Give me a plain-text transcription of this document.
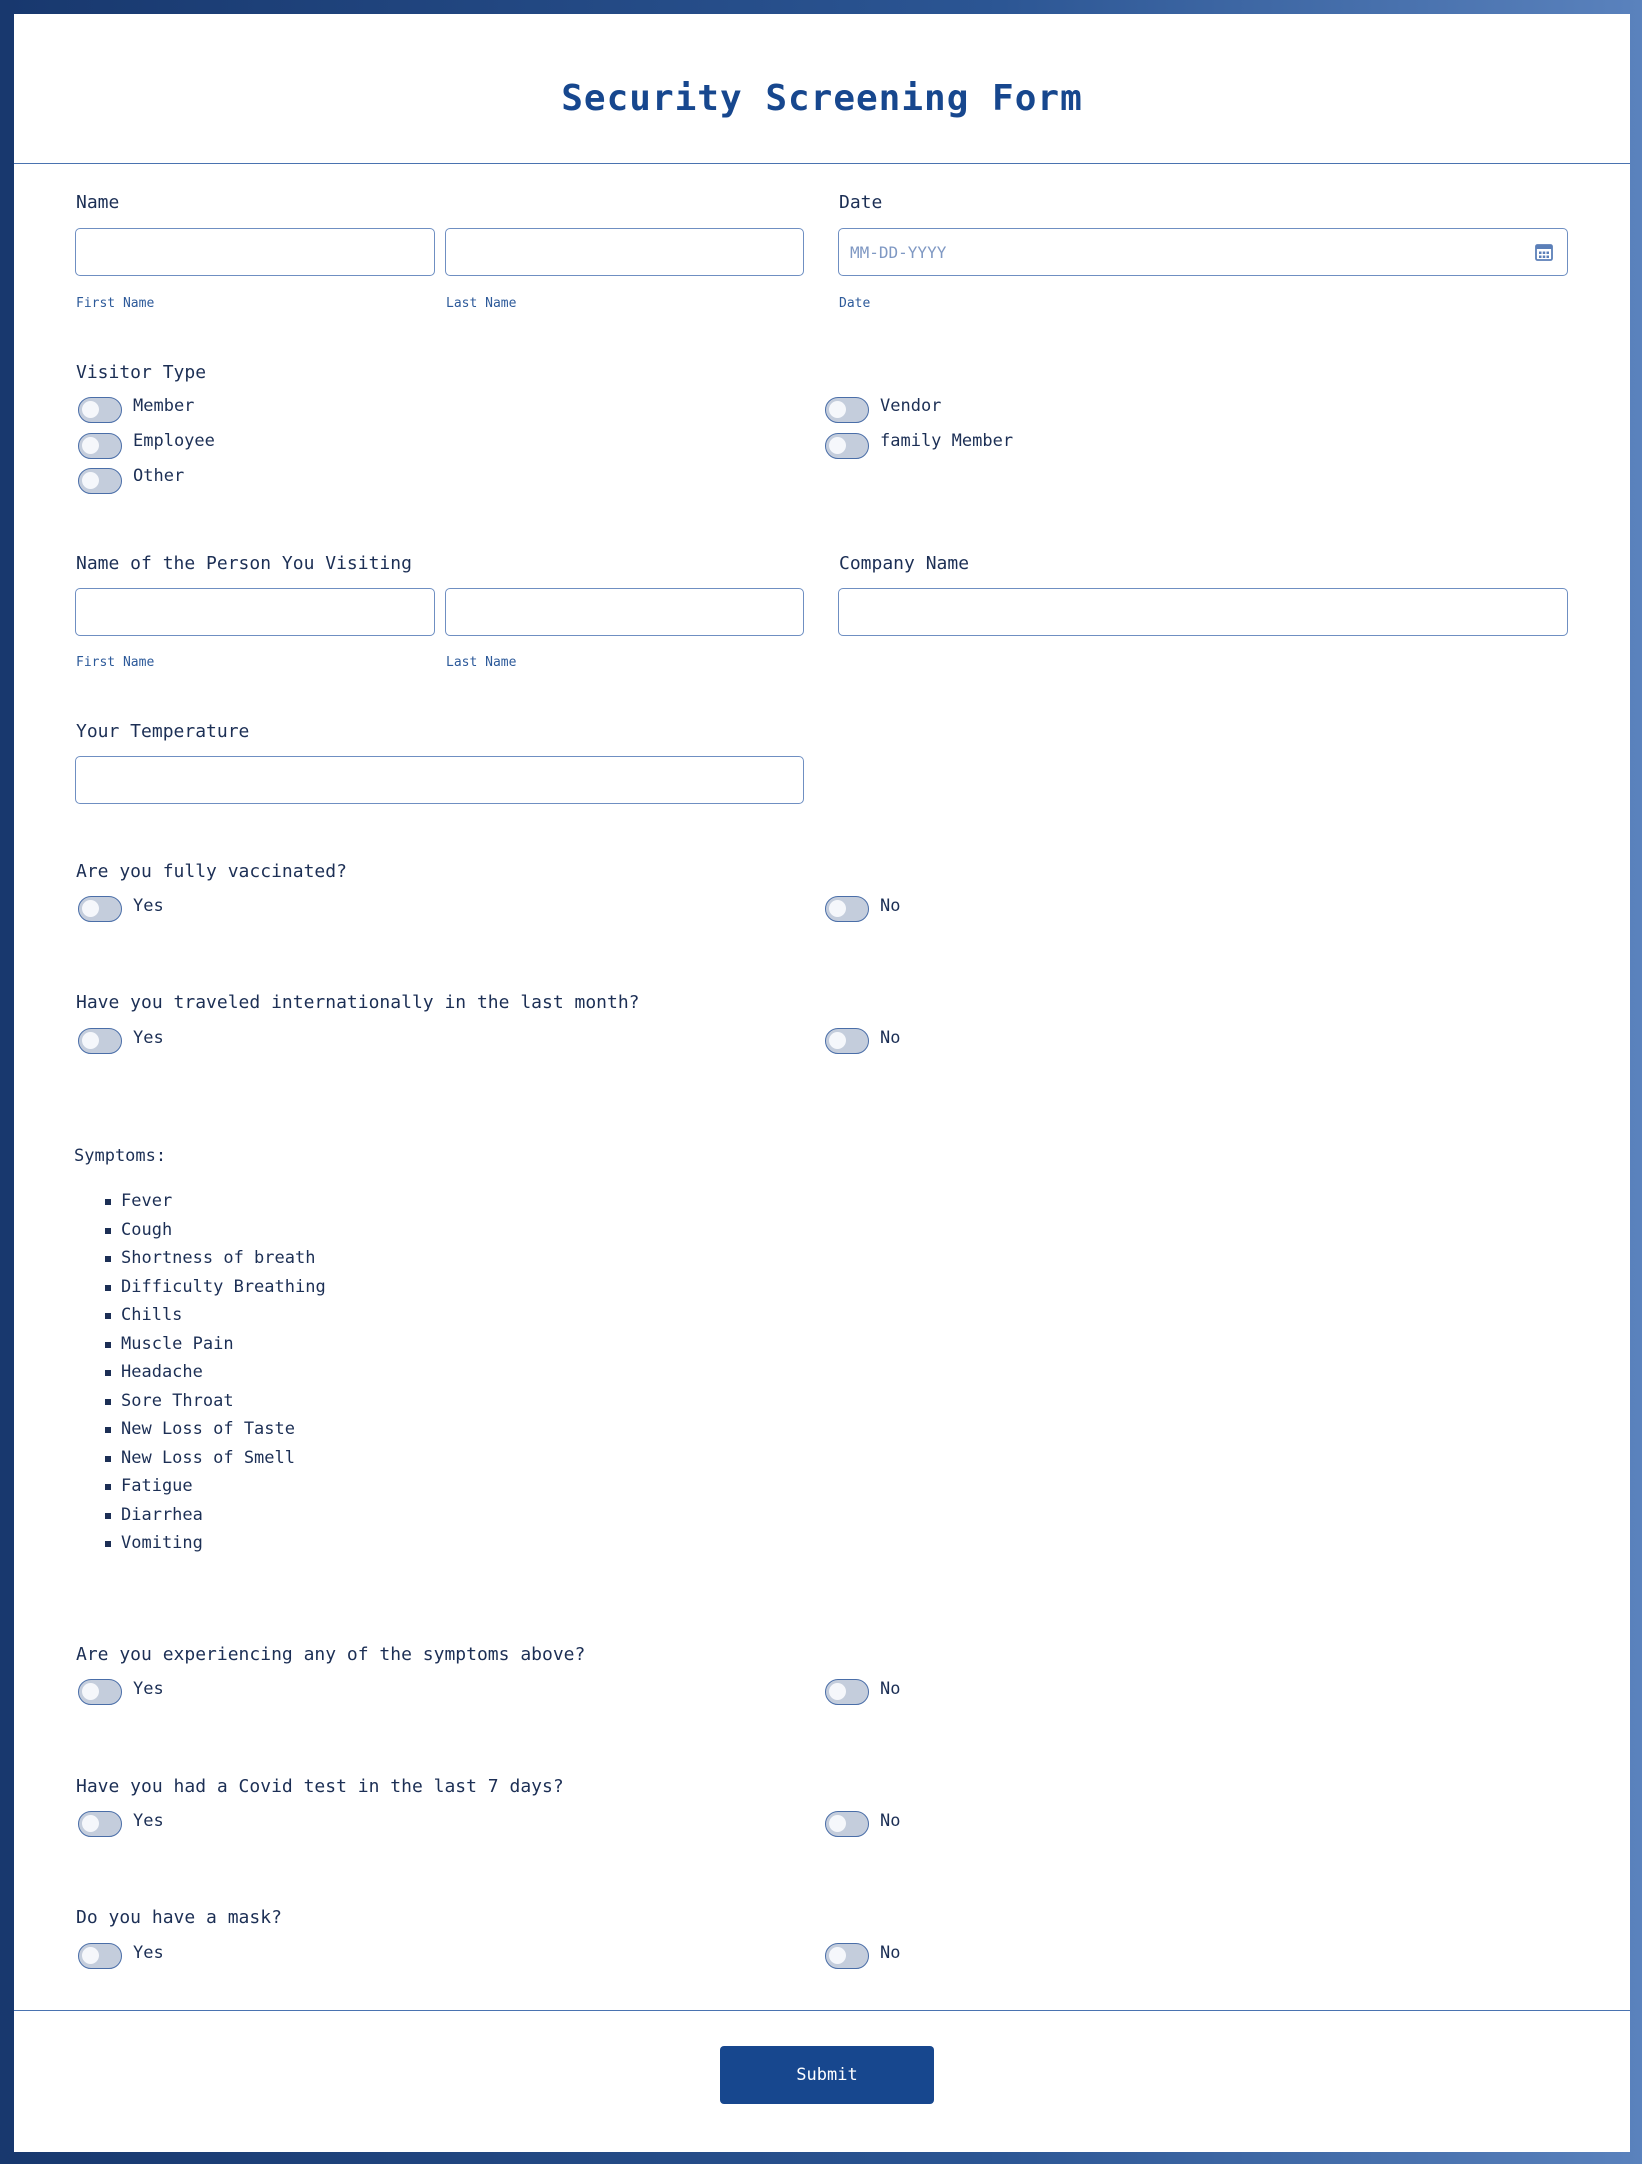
Security Screening Form
Name
First Name	Last Name
Date
MM-DD-YYYY
Date
Visitor Type
Member
Employee
Other
Vendor
family Member
Name of the Person You Visiting
First Name	Last Name
Company Name
Your Temperature
Are you fully vaccinated?
Yes	No
Have you traveled internationally in the last month?
Yes	No
Symptoms:
Fever
Cough
Shortness of breath
Difficulty Breathing
Chills
Muscle Pain
Headache
Sore Throat
New Loss of Taste
New Loss of Smell
Fatigue
Diarrhea
Vomiting
Are you experiencing any of the symptoms above?
Yes	No
Have you had a Covid test in the last 7 days?
Yes	No
Do you have a mask?
Yes	No
Submit
